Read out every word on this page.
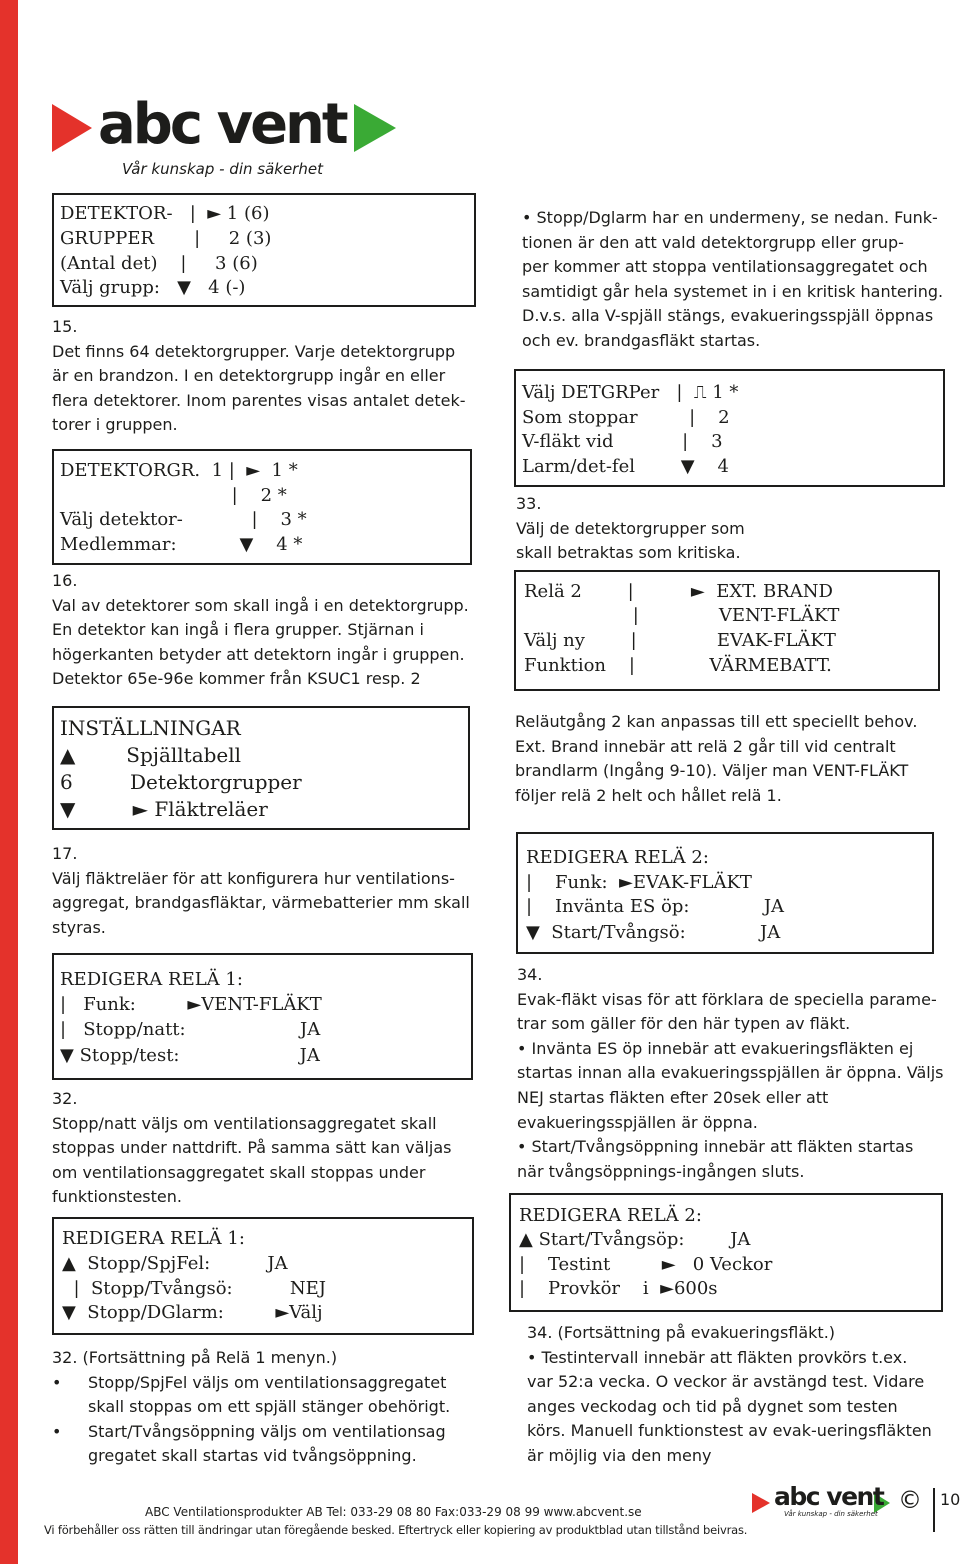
abc vent
Vår kunskap - din säkerhet
DETEKTOR-   |  ► 1 (6)
GRUPPER       |     2 (3)
(Antal det)    |     3 (6)
Välj grupp:   ▼   4 (-)
15.
Det finns 64 detektorgrupper. Varje detektorgrupp
är en brandzon. I en detektorgrupp ingår en eller
flera detektorer. Inom parentes visas antalet detek-
torer i gruppen.
DETEKTORGR.  1 |  ►  1 *
|    2 *
Välj detektor-            |    3 *
Medlemmar:           ▼    4 *
16.
Val av detektorer som skall ingå i en detektorgrupp.
En detektor kan ingå i flera grupper. Stjärnan i
högerkanten betyder att detektorn ingår i gruppen.
Detektor 65e-96e kommer från KSUC1 resp. 2
INSTÄLLNINGAR
▲        Spjälltabell
6         Detektorgrupper
▼         ► Fläktreläer
17.
Välj fläktreläer för att konfigurera hur ventilations-
aggregat, brandgasfläktar, värmebatterier mm skall
styras.
REDIGERA RELÄ 1:
|   Funk:         ►VENT-FLÄKT
|   Stopp/natt:                    JA
▼ Stopp/test:                     JA
32.
Stopp/natt väljs om ventilationsaggregatet skall
stoppas under nattdrift. På samma sätt kan väljas
om ventilationsaggregatet skall stoppas under
funktionstesten.
REDIGERA RELÄ 1:
▲  Stopp/SpjFel:          JA
|  Stopp/Tvångsö:          NEJ
▼  Stopp/DGlarm:         ►Välj
32. (Fortsättning på Relä 1 menyn.)
•	Stopp/SpjFel väljs om ventilationsaggregatet
skall stoppas om ett spjäll stänger obehörigt.
•	Start/Tvångsöppning väljs om ventilationsag
gregatet skall startas vid tvångsöppning.
• Stopp/Dglarm har en undermeny, se nedan. Funk-
tionen är den att vald detektorgrupp eller grup-
per kommer att stoppa ventilationsaggregatet och
samtidigt går hela systemet in i en kritisk hantering.
D.v.s. alla V-spjäll stängs, evakueringsspjäll öppnas
och ev. brandgasfläkt startas.
Välj DETGRPer   |  ⎍ 1 *
Som stoppar         |    2
V-fläkt vid            |    3
Larm/det-fel        ▼    4
33.
Välj de detektorgrupper som
skall betraktas som kritiska.
Relä 2        |          ►  EXT. BRAND
|              VENT-FLÄKT
Välj ny        |              EVAK-FLÄKT
Funktion    |             VÄRMEBATT.
Reläutgång 2 kan anpassas till ett speciellt behov.
Ext. Brand innebär att relä 2 går till vid centralt
brandlarm (Ingång 9-10). Väljer man VENT-FLÄKT
följer relä 2 helt och hållet relä 1.
REDIGERA RELÄ 2:
|    Funk:  ►EVAK-FLÄKT
|    Invänta ES öp:             JA
▼  Start/Tvångsö:             JA
34.
Evak-fläkt visas för att förklara de speciella parame-
trar som gäller för den här typen av fläkt.
• Invänta ES öp innebär att evakueringsfläkten ej
startas innan alla evakueringsspjällen är öppna. Väljs
NEJ startas fläkten efter 20sek eller att
evakueringsspjällen är öppna.
• Start/Tvångsöppning innebär att fläkten startas
när tvångsöppnings-ingången sluts.
REDIGERA RELÄ 2:
▲ Start/Tvångsöp:        JA
|    Testint         ►   0 Veckor
|    Provkör    i  ►600s
34. (Fortsättning på evakueringsfläkt.)
• Testintervall innebär att fläkten provkörs t.ex.
var 52:a vecka. O veckor är avstängd test. Vidare
anges veckodag och tid på dygnet som testen
körs. Manuell funktionstest av evak-ueringsfläkten
är möjlig via den meny
ABC Ventilationsprodukter AB Tel: 033-29 08 80 Fax:033-29 08 99 www.abcvent.se
Vi förbehåller oss rätten till ändringar utan föregående besked. Eftertryck eller kopiering av produktblad utan tillstånd beivras.
abc vent
Vår kunskap - din säkerhet © 10
